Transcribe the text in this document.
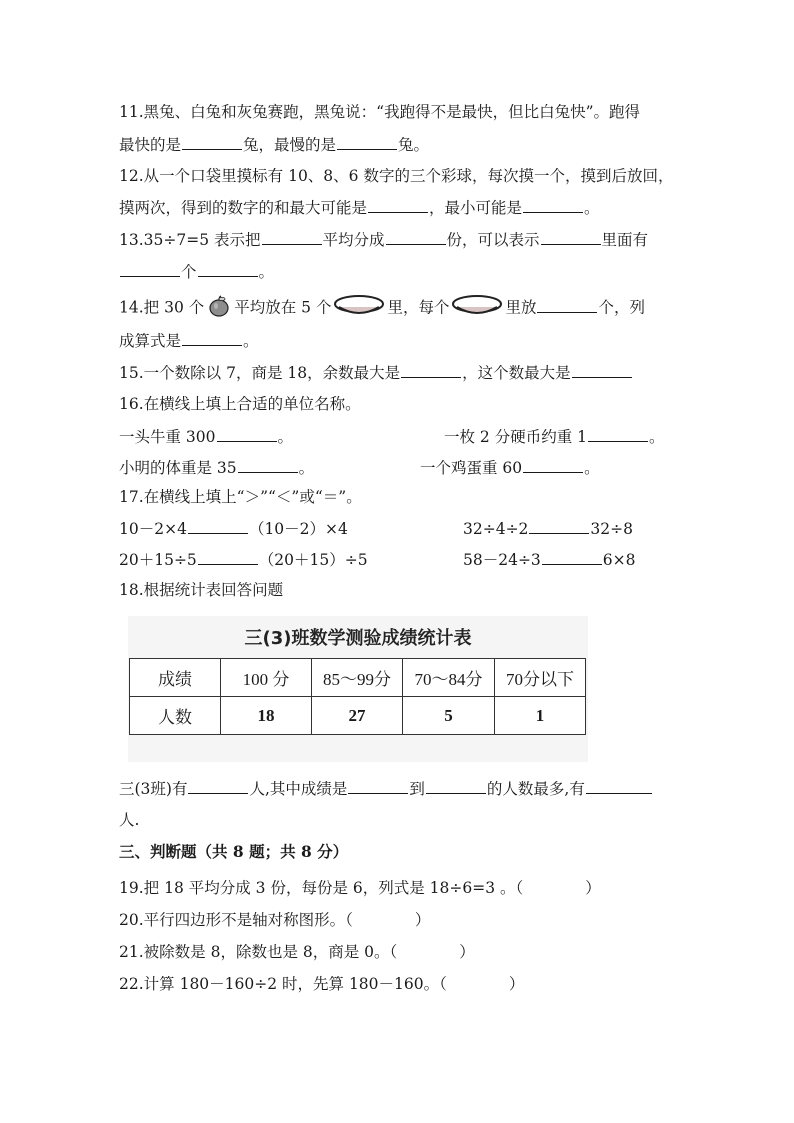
11.黑兔、白兔和灰兔赛跑，黑兔说：“我跑得不是最快，但比白兔快”。跑得
最快的是	兔，最慢的是	兔。
12.从一个口袋里摸标有 10、8、6 数字的三个彩球，每次摸一个，摸到后放回，
摸两次，得到的数字的和最大可能是	，最小可能是	。
13.35÷7=5 表示把	平均分成	份，可以表示	里面有
个	。
14.把 30 个 平均放在 5 个	里，每个	里放	个，列
成算式是	。
15.一个数除以 7，商是 18，余数最大是	，这个数最大是
16.在横线上填上合适的单位名称。
一头牛重 300	。	一枚 2 分硬币约重 1	。
小明的体重是 35	。	一个鸡蛋重 60	。
17.在横线上填上“＞”“＜”或“＝”。
10－2×4	（10－2）×4	32÷4÷2	32÷8
20＋15÷5	（20＋15）÷5	58－24÷3	6×8
18.根据统计表回答问题
三(3)班数学测验成绩统计表
成绩	100 分	85～99分	70～84分	70分以下
人数	18	27	5	1
三(3班)有	人,其中成绩是	到	的人数最多,有
人.
三、判断题（共 8 题；共 8 分）
19.把 18 平均分成 3 份，每份是 6，列式是 18÷6=3 。（　　　　）
20.平行四边形不是轴对称图形。（　　　　）
21.被除数是 8，除数也是 8，商是 0。（　　　　）
22.计算 180－160÷2 时，先算 180－160。（　　　　）
